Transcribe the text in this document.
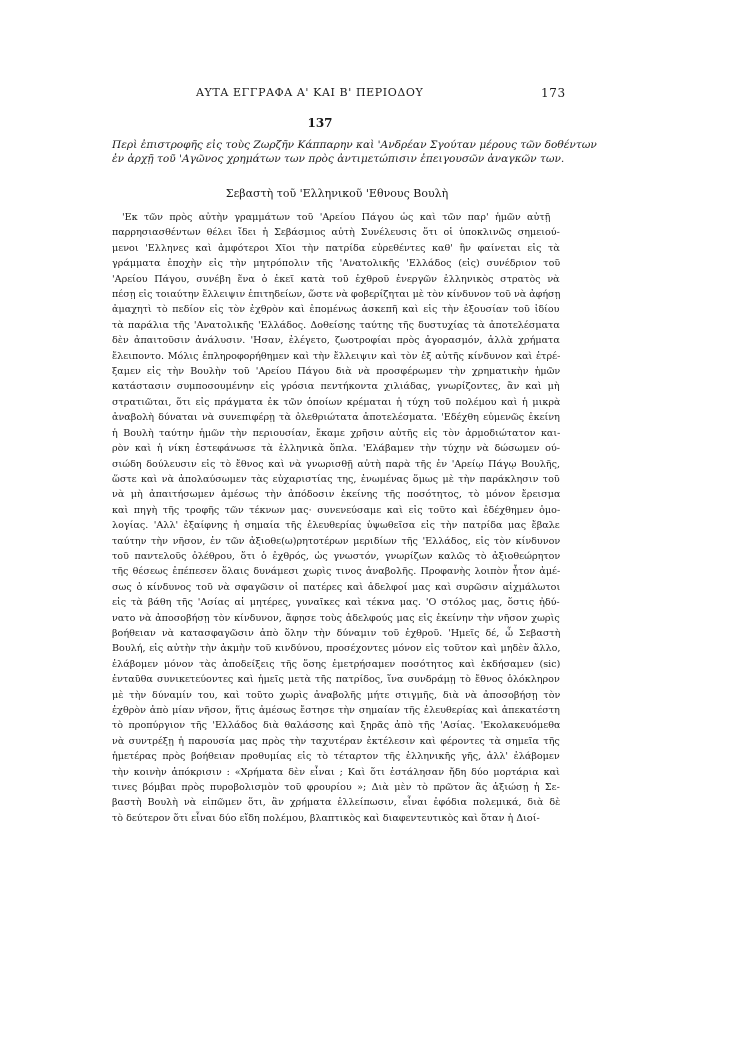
ΑΥΤΑ ΕΓΓΡΑΦΑ Α' ΚΑΙ Β' ΠΕΡΙΟΔΟΥ	173
137
Περὶ ἐπιστροφῆς εἰς τοὺς Ζωρζῆν Κάππαρην καὶ 'Ανδρέαν Σγούταν μέρους τῶν δοθέντων
ἐν ἀρχῇ τοῦ 'Αγῶνος χρημάτων των πρὸς ἀντιμετώπισιν ἐπειγουσῶν ἀναγκῶν των.
Σεβαστὴ τοῦ 'Ελληνικοῦ 'Εθνους Βουλὴ
'Εκ τῶν πρὸς αὐτὴν γραμμάτων τοῦ 'Αρείου Πάγου ὡς καὶ τῶν παρ' ἡμῶν αὐτῇ
παρρησιασθέντων θέλει ἴδει ἡ Σεβάσμιος αὐτὴ Συνέλευσις ὅτι οἱ ὑποκλινῶς σημειού-
μενοι 'Ελληνες καὶ ἀμφότεροι Χῖοι τὴν πατρίδα εὑρεθέντες καθ' ἣν φαίνεται εἰς τὰ
γράμματα ἐποχὴν εἰς τὴν μητρόπολιν τῆς 'Ανατολικῆς 'Ελλάδος (εἰς) συνέδριον τοῦ
'Αρείου Πάγου, συνέβη ἕνα ὁ ἐκεῖ κατὰ τοῦ ἐχθροῦ ἐνεργῶν ἑλληνικὸς στρατὸς νὰ
πέσῃ εἰς τοιαύτην ἔλλειψιν ἐπιτηδείων, ὥστε νὰ φοβερίζηται μὲ τὸν κίνδυνον τοῦ νὰ ἀφήσῃ
ἀμαχητὶ τὸ πεδίον εἰς τὸν ἐχθρὸν καὶ ἐπομένως ἀσκεπῆ καὶ εἰς τὴν ἐξουσίαν τοῦ ἰδίου
τὰ παράλια τῆς 'Ανατολικῆς 'Ελλάδος. Δοθείσης ταύτης τῆς δυστυχίας τὰ ἀποτελέσματα
δὲν ἀπαιτοῦσιν ἀνάλυσιν. 'Ησαν, ἐλέγετο, ζωοτροφίαι πρὸς ἀγορασμόν, ἀλλὰ χρήματα
ἔλειποντο. Μόλις ἐπληροφορήθημεν καὶ τὴν ἔλλειψιν καὶ τὸν ἐξ αὐτῆς κίνδυνον καὶ ἐτρέ-
ξαμεν εἰς τὴν Βουλὴν τοῦ 'Αρείου Πάγου διὰ νὰ προσφέρωμεν τὴν χρηματικὴν ἡμῶν
κατάστασιν συμποσουμένην εἰς γρόσια πεντήκοντα χιλιάδας, γνωρίζοντες, ἂν καὶ μὴ
στρατιῶται, ὅτι εἰς πράγματα ἐκ τῶν ὁποίων κρέμαται ἡ τύχη τοῦ πολέμου καὶ ἡ μικρὰ
ἀναβολὴ δύναται νὰ συνεπιφέρῃ τὰ ὀλεθριώτατα ἀποτελέσματα. 'Εδέχθη εὐμενῶς ἐκείνη
ἡ Βουλὴ ταύτην ἡμῶν τὴν περιουσίαν, ἔκαμε χρῆσιν αὐτῆς εἰς τὸν ἁρμοδιώτατον και-
ρὸν καὶ ἡ νίκη ἐστεφάνωσε τὰ ἑλληνικὰ ὅπλα. 'Ελάβαμεν τὴν τύχην νὰ δώσωμεν ού-
σιώδη δούλευσιν εἰς τὸ ἔθνος καὶ νὰ γνωρισθῇ αὐτὴ παρὰ τῆς ἐν 'Αρείῳ Πάγῳ Βουλῆς,
ὥστε καὶ νὰ ἀπολαύσωμεν τὰς εὐχαριστίας της, ἐνωμένας ὅμως μὲ τὴν παράκλησιν τοῦ
νὰ μὴ ἀπαιτήσωμεν ἀμέσως τὴν ἀπόδοσιν ἐκείνης τῆς ποσότητος, τὸ μόνον ἔρεισμα
καὶ πηγὴ τῆς τροφῆς τῶν τέκνων μας· συνενεύσαμε καὶ εἰς τοῦτο καὶ ἐδέχθημεν ὁμο-
λογίας. 'Αλλ' ἐξαίφνης ἡ σημαία τῆς ἐλευθερίας ὑψωθεῖσα εἰς τὴν πατρίδα μας ἔβαλε
ταύτην τὴν νῆσον, ἐν τῶν ἀξιοθε(ω)ρητοτέρων μεριδίων τῆς 'Ελλάδος, εἰς τὸν κίνδυνον
τοῦ παντελοῦς ὀλέθρου, ὅτι ὁ ἐχθρός, ὡς γνωστόν, γνωρίζων καλῶς τὸ ἀξιοθεώρητον
τῆς θέσεως ἐπέπεσεν ὅλαις δυνάμεσι χωρὶς τινος ἀναβολῆς. Προφανὴς λοιπὸν ἦτον ἀμέ-
σως ὁ κίνδυνος τοῦ νὰ σφαγῶσιν οἱ πατέρες καὶ ἀδελφοί μας καὶ συρῶσιν αἰχμάλωτοι
εἰς τὰ βάθη τῆς 'Ασίας αἱ μητέρες, γυναῖκες καὶ τέκνα μας. 'Ο στόλος μας, ὅστις ἠδύ-
νατο νὰ ἀποσοβήσῃ τὸν κίνδυνον, ἄφησε τοὺς ἀδελφούς μας εἰς ἐκείνην τὴν νῆσον χωρὶς
βοήθειαν νὰ κατασφαγῶσιν ἀπὸ ὅλην τὴν δύναμιν τοῦ ἐχθροῦ. 'Ημεῖς δέ, ὦ Σεβαστὴ
Βουλή, εἰς αὐτὴν τὴν ἀκμὴν τοῦ κινδύνου, προσέχοντες μόνον εἰς τοῦτον καὶ μηδὲν ἄλλο,
ἐλάβομεν μόνον τὰς ἀποδείξεις τῆς ὅσης ἐμετρήσαμεν ποσότητος καὶ ἐκδήσαμεν (sic)
ἐνταῦθα συνικετεύοντες καὶ ἡμεῖς μετὰ τῆς πατρίδος, ἵνα συνδράμῃ τὸ ἔθνος ὁλόκληρον
μὲ τὴν δύναμίν του, καὶ τοῦτο χωρὶς ἀναβολῆς μήτε στιγμῆς, διὰ νὰ ἀποσοβήσῃ τὸν
ἐχθρὸν ἀπὸ μίαν νῆσον, ἥτις ἀμέσως ἔστησε τὴν σημαίαν τῆς ἐλευθερίας καὶ ἀπεκατέστη
τὸ προπύργιον τῆς 'Ελλάδος διὰ θαλάσσης καὶ ξηρᾶς ἀπὸ τῆς 'Ασίας. 'Εκολακευόμεθα
νὰ συντρέξῃ ἡ παρουσία μας πρὸς τὴν ταχυτέραν ἐκτέλεσιν καὶ φέροντες τὰ σημεῖα τῆς
ἡμετέρας πρὸς βοήθειαν προθυμίας εἰς τὸ τέταρτον τῆς ἑλληνικῆς γῆς, ἀλλ' ἐλάβομεν
τὴν κοινὴν ἀπόκρισιν : «Χρήματα δὲν εἶναι ; Καὶ ὅτι ἐστάλησαν ἤδη δύο μορτάρια καὶ
τινες βόμβαι πρὸς πυροβολισμὸν τοῦ φρουρίου »; Διὰ μὲν τὸ πρῶτον ἂς ἀξιώσῃ ἡ Σε-
βαστὴ Βουλὴ νὰ εἰπῶμεν ὅτι, ἂν χρήματα ἐλλείπωσιν, εἶναι ἐφόδια πολεμικά, διὰ δὲ
τὸ δεύτερον ὅτι εἶναι δύο εἴδη πολέμου, βλαπτικὸς καὶ διαφεντευτικὸς καὶ ὅταν ἡ Διοί-
